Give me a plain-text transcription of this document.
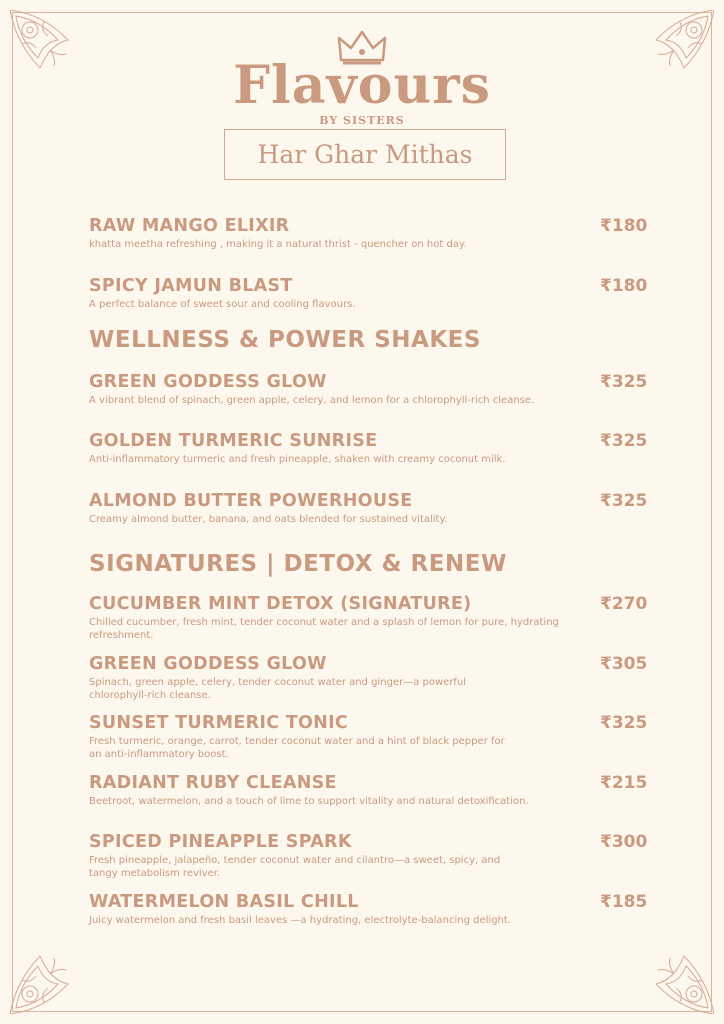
Flavours
BY SISTERS
Har Ghar Mithas
RAW MANGO ELIXIR
khatta meetha refreshing , making it a natural thrist - quencher on hot day.
₹180
SPICY JAMUN BLAST
A perfect balance of sweet sour and cooling flavours.
₹180
WELLNESS & POWER SHAKES
GREEN GODDESS GLOW
A vibrant blend of spinach, green apple, celery, and lemon for a chlorophyll-rich cleanse.
₹325
GOLDEN TURMERIC SUNRISE
Anti-inflammatory turmeric and fresh pineapple, shaken with creamy coconut milk.
₹325
ALMOND BUTTER POWERHOUSE
Creamy almond butter, banana, and oats blended for sustained vitality.
₹325
SIGNATURES | DETOX & RENEW
CUCUMBER MINT DETOX (SIGNATURE)
Chilled cucumber, fresh mint, tender coconut water and a splash of lemon for pure, hydrating refreshment.
₹270
GREEN GODDESS GLOW
Spinach, green apple, celery, tender coconut water and ginger—a powerful chlorophyll-rich cleanse.
₹305
SUNSET TURMERIC TONIC
Fresh turmeric, orange, carrot, tender coconut water and a hint of black pepper for an anti-inflammatory boost.
₹325
RADIANT RUBY CLEANSE
Beetroot, watermelon, and a touch of lime to support vitality and natural detoxification.
₹215
SPICED PINEAPPLE SPARK
Fresh pineapple, jalapeño, tender coconut water and cilantro—a sweet, spicy, and tangy metabolism reviver.
₹300
WATERMELON BASIL CHILL
Juicy watermelon and fresh basil leaves —a hydrating, electrolyte-balancing delight.
₹185
